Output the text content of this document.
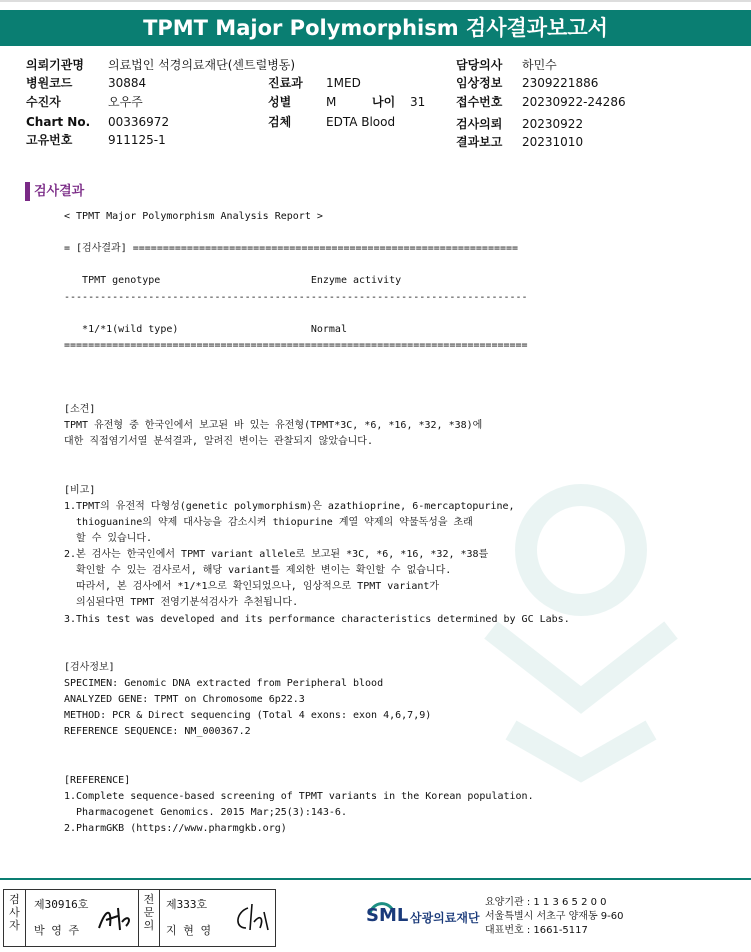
TPMT Major Polymorphism 검사결과보고서
의뢰기관명 의료법인 석경의료재단(센트럴병동)
병원코드	30884
수진자	오우주
Chart No. 00336972
고유번호	911125-1
진료과 1MED
성별	M	나이 31
검체	EDTA Blood
담당의사 하민수
임상정보 2309221886
접수번호 20230922-24286
검사의뢰 20230922
결과보고 20231010
검사결과
< TPMT Major Polymorphism Analysis Report >
= [검사결과] ================================================================
TPMT genotype                         Enzyme activity
-----------------------------------------------------------------------------
*1/*1(wild type)                      Normal
=============================================================================
[소견]
TPMT 유전형 중 한국인에서 보고된 바 있는 유전형(TPMT*3C, *6, *16, *32, *38)에
대한 직접염기서열 분석결과, 알려진 변이는 관찰되지 않았습니다.
[비고]
1.TPMT의 유전적 다형성(genetic polymorphism)은 azathioprine, 6-mercaptopurine,
thioguanine의 약제 대사능을 감소시켜 thiopurine 계열 약제의 약물독성을 초래
할 수 있습니다.
2.본 검사는 한국인에서 TPMT variant allele로 보고된 *3C, *6, *16, *32, *38를
확인할 수 있는 검사로서, 해당 variant를 제외한 변이는 확인할 수 없습니다.
따라서, 본 검사에서 *1/*1으로 확인되었으나, 임상적으로 TPMT variant가
의심된다면 TPMT 전영기분석검사가 추천됩니다.
3.This test was developed and its performance characteristics determined by GC Labs.
[검사정보]
SPECIMEN: Genomic DNA extracted from Peripheral blood
ANALYZED GENE: TPMT on Chromosome 6p22.3
METHOD: PCR & Direct sequencing (Total 4 exons: exon 4,6,7,9)
REFERENCE SEQUENCE: NM_000367.2
[REFERENCE]
1.Complete sequence-based screening of TPMT variants in the Korean population.
Pharmacogenet Genomics. 2015 Mar;25(3):143-6.
2.PharmGKB (https://www.pharmgkb.org)
검사자
제30916호
박 영 주
전문의
제333호
지 현 영
SML 삼광의료재단
요양기관 : 1 1 3 6 5 2 0 0
서울특별시 서초구 양재동 9-60
대표번호 : 1661-5117
